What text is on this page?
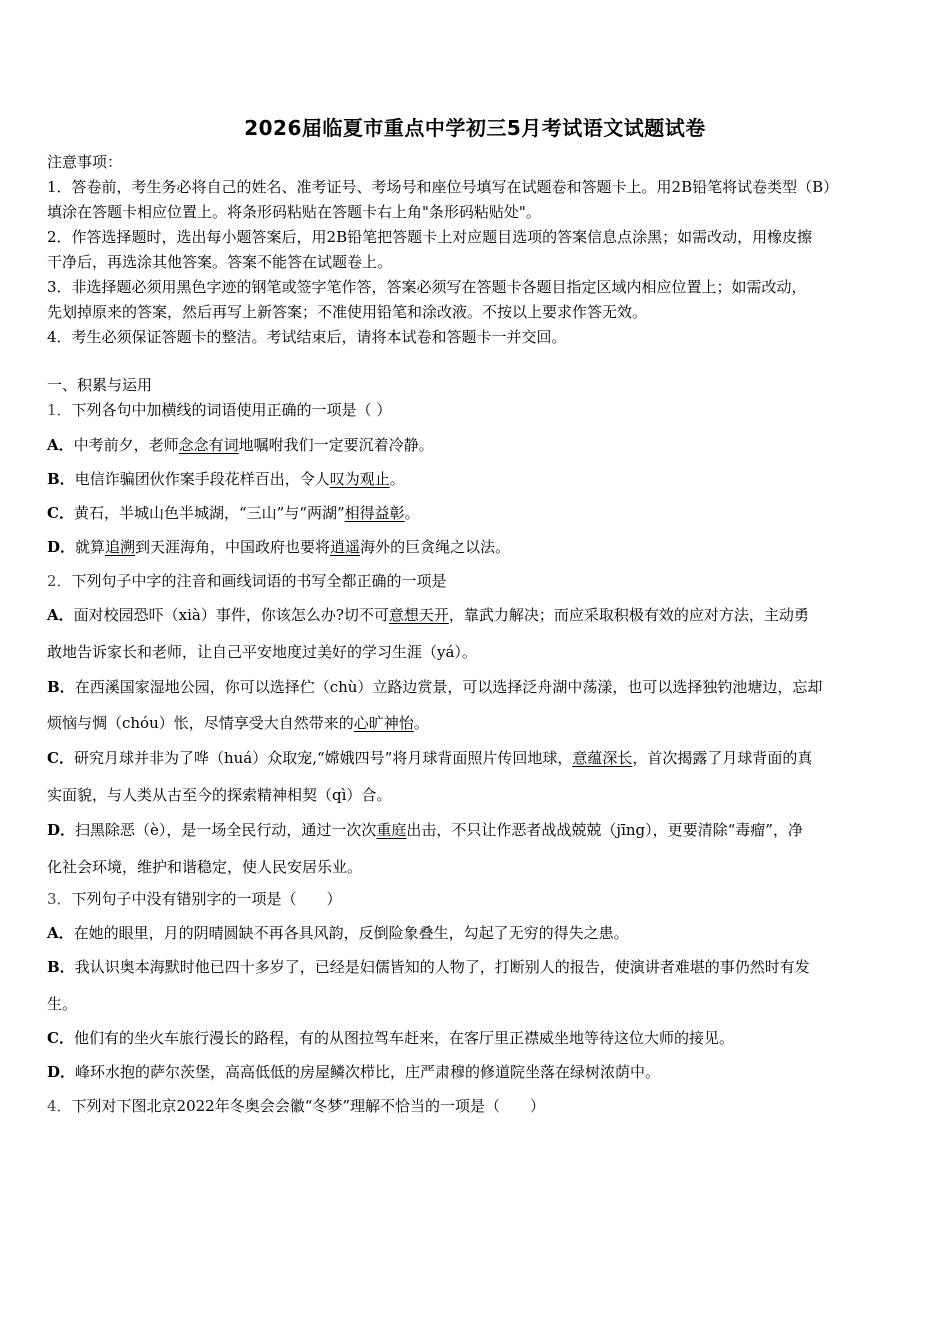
2026届临夏市重点中学初三5月考试语文试题试卷
注意事项：
1．答卷前，考生务必将自己的姓名、准考证号、考场号和座位号填写在试题卷和答题卡上。用2B铅笔将试卷类型（B）
填涂在答题卡相应位置上。将条形码粘贴在答题卡右上角"条形码粘贴处"。
2．作答选择题时，选出每小题答案后，用2B铅笔把答题卡上对应题目选项的答案信息点涂黑；如需改动，用橡皮擦
干净后，再选涂其他答案。答案不能答在试题卷上。
3．非选择题必须用黑色字迹的钢笔或签字笔作答，答案必须写在答题卡各题目指定区域内相应位置上；如需改动，
先划掉原来的答案，然后再写上新答案；不准使用铅笔和涂改液。不按以上要求作答无效。
4．考生必须保证答题卡的整洁。考试结束后，请将本试卷和答题卡一并交回。
一、积累与运用
1．下列各句中加横线的词语使用正确的一项是（ ）
A．中考前夕，老师念念有词地嘱咐我们一定要沉着冷静。
B．电信诈骗团伙作案手段花样百出，令人叹为观止。
C．黄石，半城山色半城湖，“三山”与“两湖”相得益彰。
D．就算追溯到天涯海角，中国政府也要将逍遥海外的巨贪绳之以法。
2．下列句子中字的注音和画线词语的书写全都正确的一项是
A．面对校园恐吓（xià）事件，你该怎么办?切不可意想天开，靠武力解决；而应采取积极有效的应对方法，主动勇
敢地告诉家长和老师，让自己平安地度过美好的学习生涯（yá）。
B．在西溪国家湿地公园，你可以选择伫（chù）立路边赏景，可以选择泛舟湖中荡漾，也可以选择独钓池塘边，忘却
烦恼与惆（chóu）怅，尽情享受大自然带来的心旷神怡。
C．研究月球并非为了哗（huá）众取宠,“嫦娥四号”将月球背面照片传回地球，意蕴深长，首次揭露了月球背面的真
实面貌，与人类从古至今的探索精神相契（qì）合。
D．扫黑除恶（è），是一场全民行动，通过一次次重庭出击，不只让作恶者战战兢兢（jīng），更要清除“毒瘤”，净
化社会环境，维护和谐稳定，使人民安居乐业。
3．下列句子中没有错别字的一项是（　　）
A．在她的眼里，月的阴晴圆缺不再各具风韵，反倒险象叠生，勾起了无穷的得失之患。
B．我认识奥本海默时他已四十多岁了，已经是妇儒皆知的人物了，打断别人的报告，使演讲者难堪的事仍然时有发
生。
C．他们有的坐火车旅行漫长的路程，有的从图拉驾车赶来，在客厅里正襟威坐地等待这位大师的接见。
D．峰环水抱的萨尔茨堡，高高低低的房屋鳞次栉比，庄严肃穆的修道院坐落在绿树浓荫中。
4．下列对下图北京2022年冬奥会会徽“冬梦”理解不恰当的一项是（　　）
